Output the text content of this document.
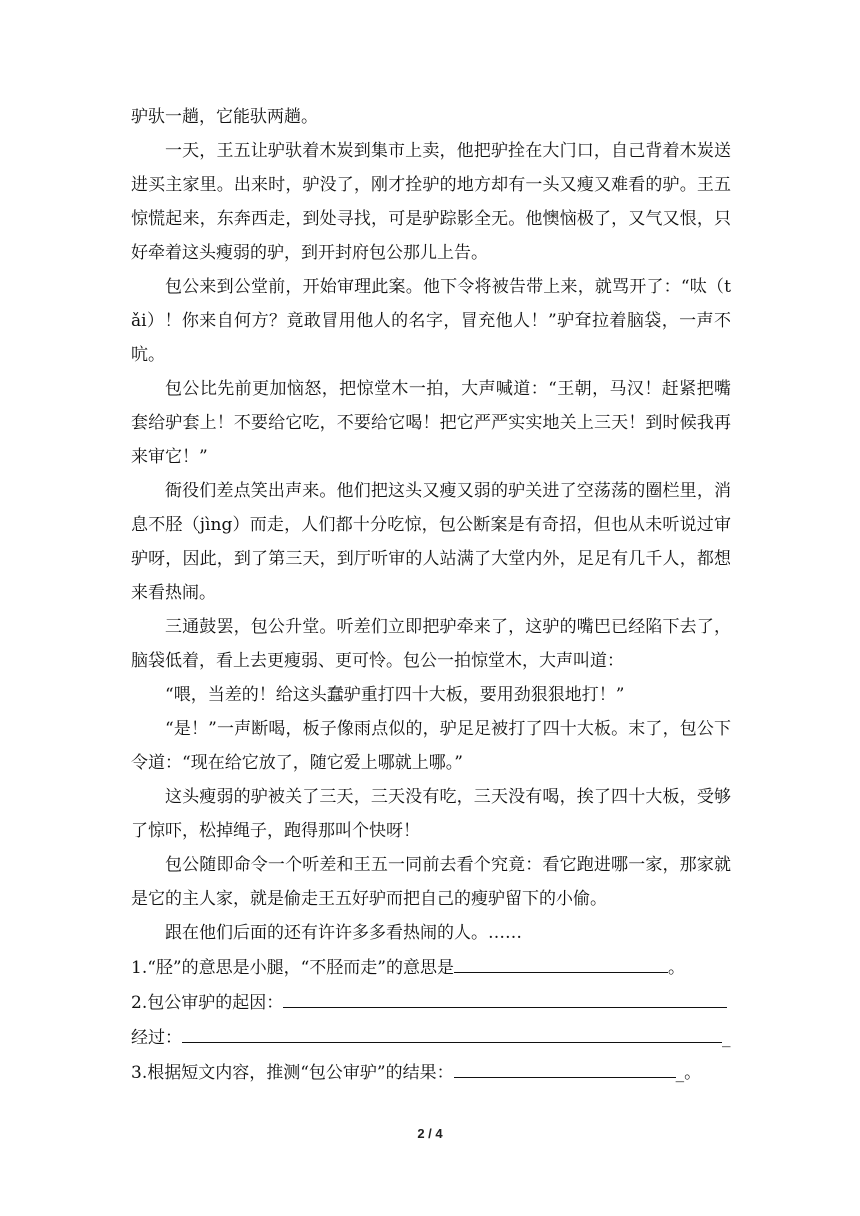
驴驮一趟，它能驮两趟。

一天，王五让驴驮着木炭到集市上卖，他把驴拴在大门口，自己背着木炭送进买主家里。出来时，驴没了，刚才拴驴的地方却有一头又瘦又难看的驴。王五惊慌起来，东奔西走，到处寻找，可是驴踪影全无。他懊恼极了，又气又恨，只好牵着这头瘦弱的驴，到开封府包公那儿上告。

包公来到公堂前，开始审理此案。他下令将被告带上来，就骂开了：“呔（tǎi）！你来自何方？竟敢冒用他人的名字，冒充他人！”驴耷拉着脑袋，一声不吭。

包公比先前更加恼怒，把惊堂木一拍，大声喊道：“王朝，马汉！赶紧把嘴套给驴套上！不要给它吃，不要给它喝！把它严严实实地关上三天！到时候我再来审它！”

衙役们差点笑出声来。他们把这头又瘦又弱的驴关进了空荡荡的圈栏里，消息不胫（jìng）而走，人们都十分吃惊，包公断案是有奇招，但也从未听说过审驴呀，因此，到了第三天，到厅听审的人站满了大堂内外，足足有几千人，都想来看热闹。

三通鼓罢，包公升堂。听差们立即把驴牵来了，这驴的嘴巴已经陷下去了，脑袋低着，看上去更瘦弱、更可怜。包公一拍惊堂木，大声叫道：

“喂，当差的！给这头蠢驴重打四十大板，要用劲狠狠地打！”

“是！”一声断喝，板子像雨点似的，驴足足被打了四十大板。末了，包公下令道：“现在给它放了，随它爱上哪就上哪。”

这头瘦弱的驴被关了三天，三天没有吃，三天没有喝，挨了四十大板，受够了惊吓，松掉绳子，跑得那叫个快呀！

包公随即命令一个听差和王五一同前去看个究竟：看它跑进哪一家，那家就是它的主人家，就是偷走王五好驴而把自己的瘦驴留下的小偷。

跟在他们后面的还有许许多多看热闹的人。……

1.“胫”的意思是小腿，“不胫而走”的意思是	。
2.包公审驴的起因：
经过：	_
3.根据短文内容，推测“包公审驴”的结果：	_。
2 / 4
